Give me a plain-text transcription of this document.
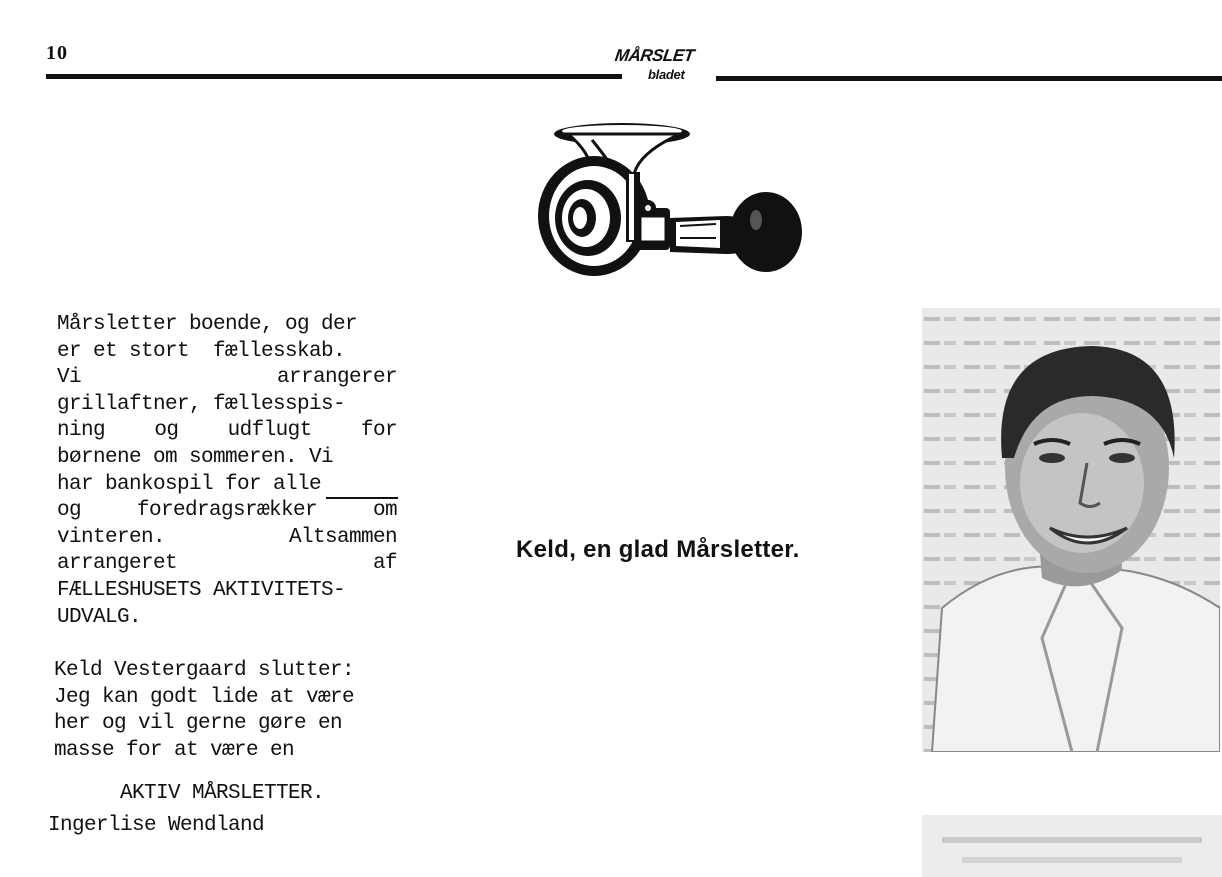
10	MÅRSLET
bladet
Mårsletter boende, og der
er et stort  fællesskab.
Vi	arrangerer
grillaftner, fællesspis-
ning og udflugt for
børnene om sommeren. Vi
har bankospil for alle
og	foredragsrækker	om
vinteren.	Altsammen
arrangeret	af
FÆLLESHUSETS AKTIVITETS-
UDVALG.
Keld Vestergaard slutter:
Jeg kan godt lide at være
her og vil gerne gøre en
masse for at være en
AKTIV MÅRSLETTER.
Ingerlise Wendland
Keld, en glad Mårsletter.
